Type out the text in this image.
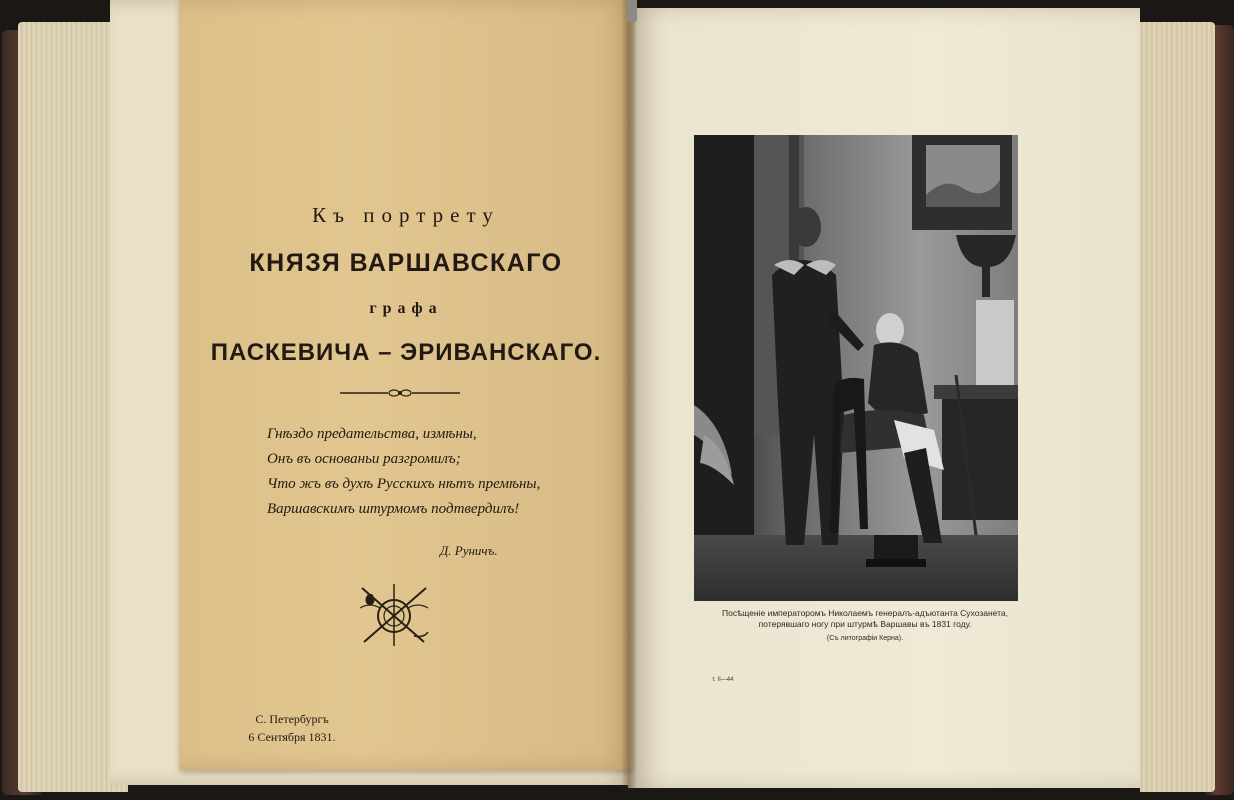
Къ портрету
КНЯЗЯ ВАРШАВСКАГО
графа
ПАСКЕВИЧА – ЭРИВАНСКАГО.
Гнѣздо предательства, измѣны,
Онъ въ основаньи разгромилъ;
Что жъ въ духѣ Русскихъ нѣтъ премѣны,
Варшавскимъ штурмомъ подтвердилъ!
Д. Руничъ.
С. Петербургъ
6 Сентября 1831.
Посѣщеніе императоромъ Николаемъ генералъ-адъютанта Сухозанета,
потерявшаго ногу при штурмѣ Варшавы въ 1831 году.
(Съ литографіи Керна).
т. II—44
